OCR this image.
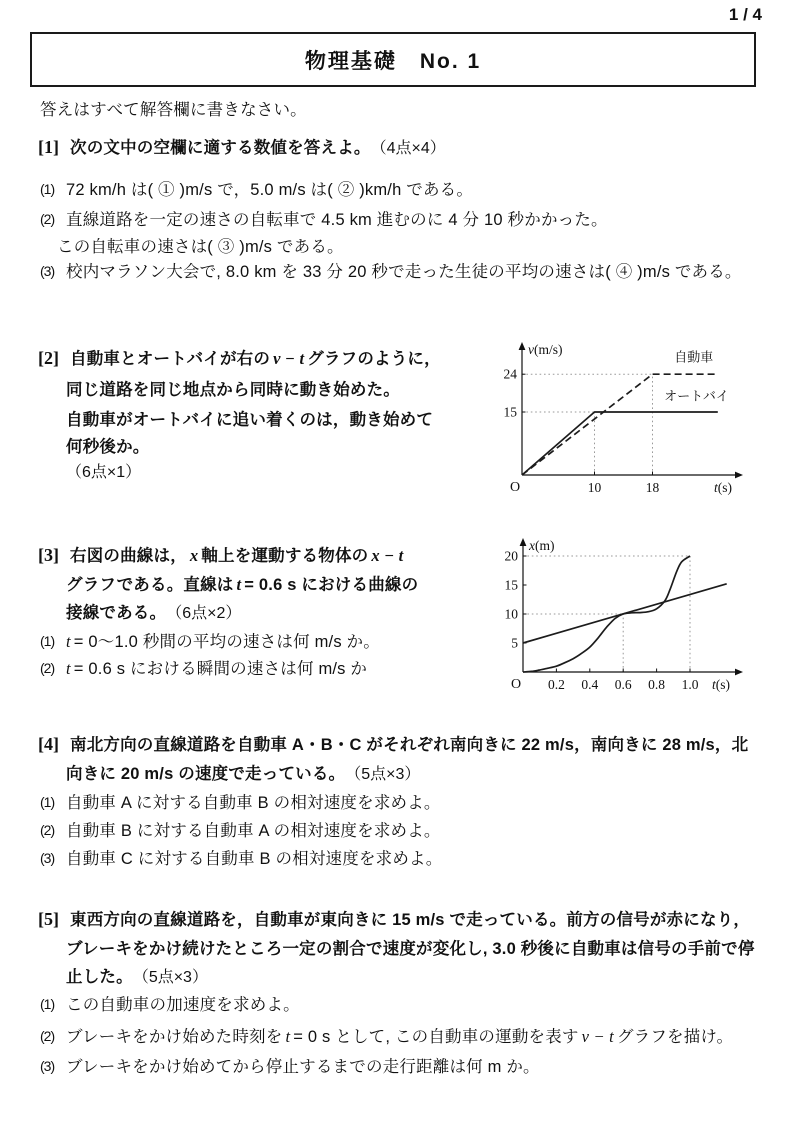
1 / 4
物理基礎　No. 1
答えはすべて解答欄に書きなさい。
[1] 次の文中の空欄に適する数値を答えよ。 （4点×4）
(1) 72 km/h は( ① )m/s で，5.0 m/s は( ② )km/h である。
(2) 直線道路を一定の速さの自転車で 4.5 km 進むのに 4 分 10 秒かかった。
この自転車の速さは( ③ )m/s である。
(3) 校内マラソン大会で, 8.0 km を 33 分 20 秒で走った生徒の平均の速さは( ④ )m/s である。
[2] 自動車とオートバイが右の v − t グラフのように，
同じ道路を同じ地点から同時に動き始めた。
自動車がオートバイに追い着くのは，動き始めて
何秒後か。
（6点×1）
10	18
15
24
自動車
オートバイ
v(m/s)
t(s)
O
[3] 右図の曲線は， x 軸上を運動する物体の x − t
グラフである。直線は t = 0.6 s における曲線の
接線である。 （6点×2）
(1) t = 0〜1.0 秒間の平均の速さは何 m/s か。
(2) t = 0.6 s における瞬間の速さは何 m/s か
0.2 0.4 0.6 0.8 1.0
5
10
15
20
x(m)
t(s)
O
[4] 南北方向の直線道路を自動車 A・B・C がそれぞれ南向きに 22 m/s，南向きに 28 m/s，北
向きに 20 m/s の速度で走っている。 （5点×3）
(1) 自動車 A に対する自動車 B の相対速度を求めよ。
(2) 自動車 B に対する自動車 A の相対速度を求めよ。
(3) 自動車 C に対する自動車 B の相対速度を求めよ。
[5] 東西方向の直線道路を，自動車が東向きに 15 m/s で走っている。前方の信号が赤になり，
ブレーキをかけ続けたところ一定の割合で速度が変化し, 3.0 秒後に自動車は信号の手前で停
止した。 （5点×3）
(1) この自動車の加速度を求めよ。
(2) ブレーキをかけ始めた時刻を t = 0 s として, この自動車の運動を表す v − t グラフを描け。
(3) ブレーキをかけ始めてから停止するまでの走行距離は何 m か。
